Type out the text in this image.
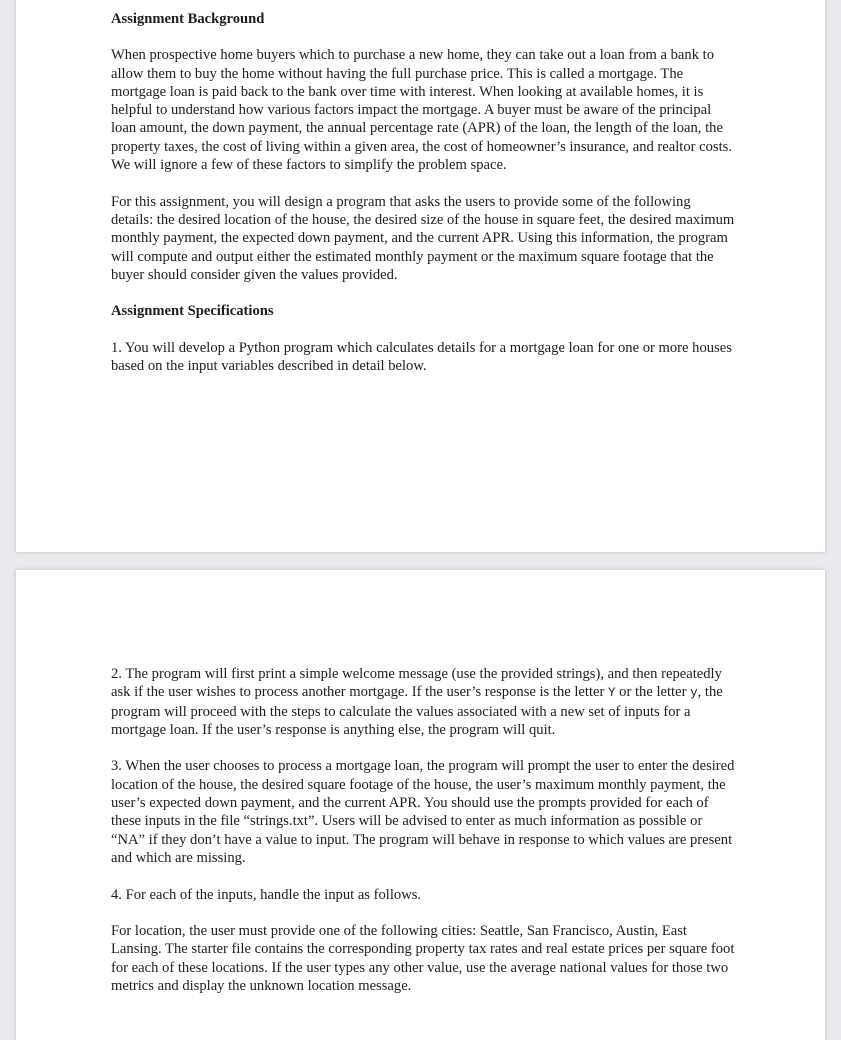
Assignment Background

When prospective home buyers which to purchase a new home, they can take out a loan from a bank to allow them to buy the home without having the full purchase price. This is called a mortgage. The mortgage loan is paid back to the bank over time with interest. When looking at available homes, it is helpful to understand how various factors impact the mortgage. A buyer must be aware of the principal loan amount, the down payment, the annual percentage rate (APR) of the loan, the length of the loan, the property taxes, the cost of living within a given area, the cost of homeowner’s insurance, and realtor costs. We will ignore a few of these factors to simplify the problem space.

For this assignment, you will design a program that asks the users to provide some of the following details: the desired location of the house, the desired size of the house in square feet, the desired maximum monthly payment, the expected down payment, and the current APR. Using this information, the program will compute and output either the estimated monthly payment or the maximum square footage that the buyer should consider given the values provided.

Assignment Specifications

1. You will develop a Python program which calculates details for a mortgage loan for one or more houses based on the input variables described in detail below.

2. The program will first print a simple welcome message (use the provided strings), and then repeatedly ask if the user wishes to process another mortgage. If the user’s response is the letter Y or the letter y, the program will proceed with the steps to calculate the values associated with a new set of inputs for a mortgage loan. If the user’s response is anything else, the program will quit.

3. When the user chooses to process a mortgage loan, the program will prompt the user to enter the desired location of the house, the desired square footage of the house, the user’s maximum monthly payment, the user’s expected down payment, and the current APR. You should use the prompts provided for each of these inputs in the file “strings.txt”. Users will be advised to enter as much information as possible or “NA” if they don’t have a value to input. The program will behave in response to which values are present and which are missing.

4. For each of the inputs, handle the input as follows.

For location, the user must provide one of the following cities: Seattle, San Francisco, Austin, East Lansing. The starter file contains the corresponding property tax rates and real estate prices per square foot for each of these locations. If the user types any other value, use the average national values for those two metrics and display the unknown location message.
